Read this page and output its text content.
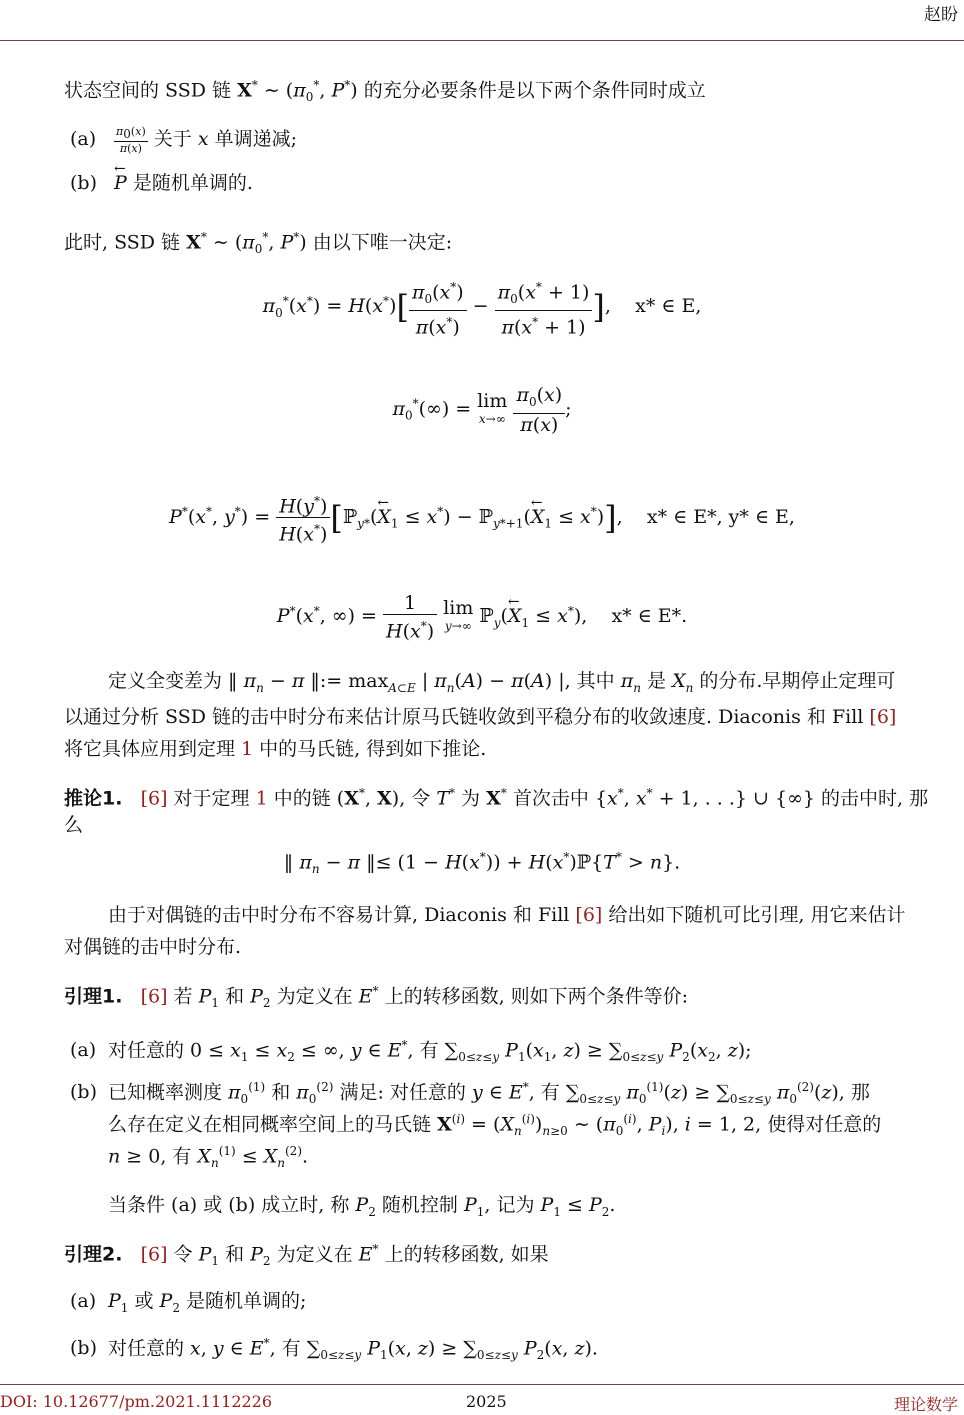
赵盼
状态空间的 SSD 链 X* ∼ ($\pi_0^*$, P*) 的充分必要条件是以下两个条件同时成立
$(a) \frac{\pi_0(x)}{\pi(x)}$ 关于 x 单调递减;
(b) ← P 是随机单调的.
此时, SSD 链 X* ∼ ($\pi_0^*$, P*) 由以下唯一决定:
$\pi_0^*(x^*) = H(x^*)[ \frac{\pi_0(x^*)}{\pi(x^*)} - \frac{\pi_0(x^* + 1)}{\pi(x^* + 1)}$ ],    x* ∈ E,
$\pi_0^*(\infty) = \lim$
x→∞
$\frac{\pi_0(x)}{\pi(x)}$ ;
P*(x*, $y^*) = \frac{H(y^*)}{H(x^*)}$ [ℙ$_{y*}$(← $X_1 \le x^*$) − ℙ$_{y*+1}$(← $X_1 \le x^*$)],    x* ∈ E*, y* ∈ E,
P*(x*, ∞) = $\frac{1}{H(x^*)}$
lim
y→∞ ℙ$_y$(← $X_1 \le x^*$),    x* ∈ E*.
定义全变差为 ‖ $\pi_n - \pi$ ‖:= $\max_{A\subset E}$ | $\pi_n(A) - \pi(A)$ |, 其中 $\pi_n$ 是 $X_n$ 的分布.早期停止定理可
以通过分析 SSD 链的击中时分布来估计原马氏链收敛到平稳分布的收敛速度. Diaconis 和 Fill [6]
将它具体应用到定理 1 中的马氏链, 得到如下推论.
推论1. [6] 对于定理 1 中的链 (X*, X), 令 T* 为 X* 首次击中 {x*, x* + 1, . . .} ∪ {∞} 的击中时, 那
么
‖ $\pi_n - \pi$ ‖≤ (1 − H(x*)) + H(x*)ℙ{T* > n}.
由于对偶链的击中时分布不容易计算, Diaconis 和 Fill [6] 给出如下随机可比引理, 用它来估计
对偶链的击中时分布.
引理1. [6] 若 $P_1$ 和 $P_2$ 为定义在 E* 上的转移函数, 则如下两个条件等价:
(a) 对任意的 $0 \le x_1 \le x_2$ ≤ ∞, y ∈ E*, 有 $\sum_{0\le z\le y}$ $P_1(x_1$, $z) \ge \sum_{0\le z\le y}$ $P_2(x_2$, z);
(b) 已知概率测度 $\pi_0^{(1)}$ 和 $\pi_0^{(2)}$ 满足: 对任意的 y ∈ E*, 有 $\sum_{0\le z\le y}$ $\pi_0^{(1)}(z) \ge \sum_{0\le z\le y}$ $\pi_0^{(2)}(z)$, 那
么存在定义在相同概率空间上的马氏链 $X^{(i)} = (X_n^{(i)})_{n\ge 0}$ ∼ ($\pi_0^{(i)}$, $P_i$), i = 1, 2, 使得对任意的
n ≥ 0, 有 $X_n^{(1)} \le X_n^{(2)}$.
当条件 (a) 或 (b) 成立时, 称 $P_2$ 随机控制 $P_1$, 记为 $P_1 \le P_2$.
引理2. [6] 令 $P_1$ 和 $P_2$ 为定义在 E* 上的转移函数, 如果
(a) $P_1$ 或 $P_2$ 是随机单调的;
(b) 对任意的 x, y ∈ E*, 有 $\sum_{0\le z\le y}$ $P_1(x$, $z) \ge \sum_{0\le z\le y}$ $P_2(x$, z).
DOI: 10.12677/pm.2021.1112226	2025	理论数学
